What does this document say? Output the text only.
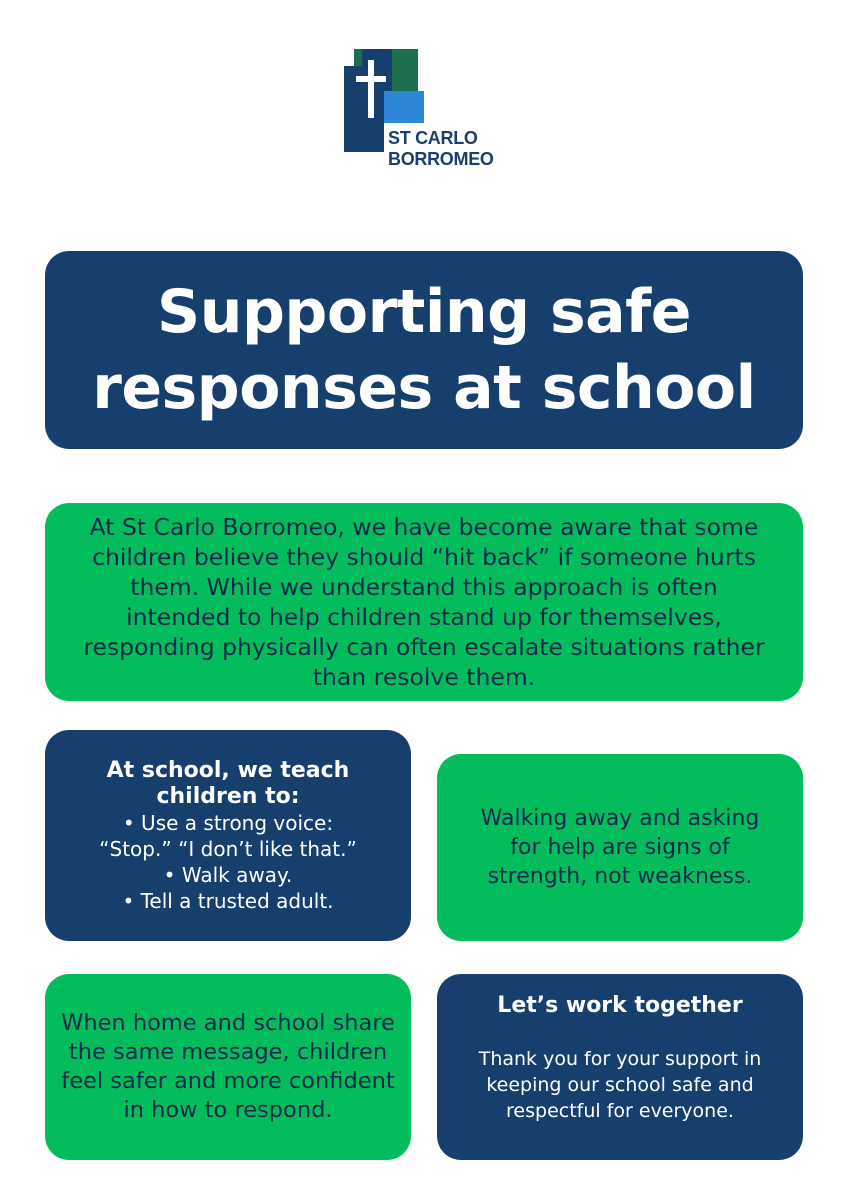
ST CARLO
BORROMEO
Supporting safe
responses at school

At St Carlo Borromeo, we have become aware that some children believe they should “hit back” if someone hurts them. While we understand this approach is often intended to help children stand up for themselves, responding physically can often escalate situations rather than resolve them.

At school, we teach
children to:
• Use a strong voice:
“Stop.” “I don’t like that.”
• Walk away.
• Tell a trusted adult.

Walking away and asking for help are signs of strength, not weakness.

When home and school share the same message, children feel safer and more confident in how to respond.

Let’s work together

Thank you for your support in keeping our school safe and respectful for everyone.
